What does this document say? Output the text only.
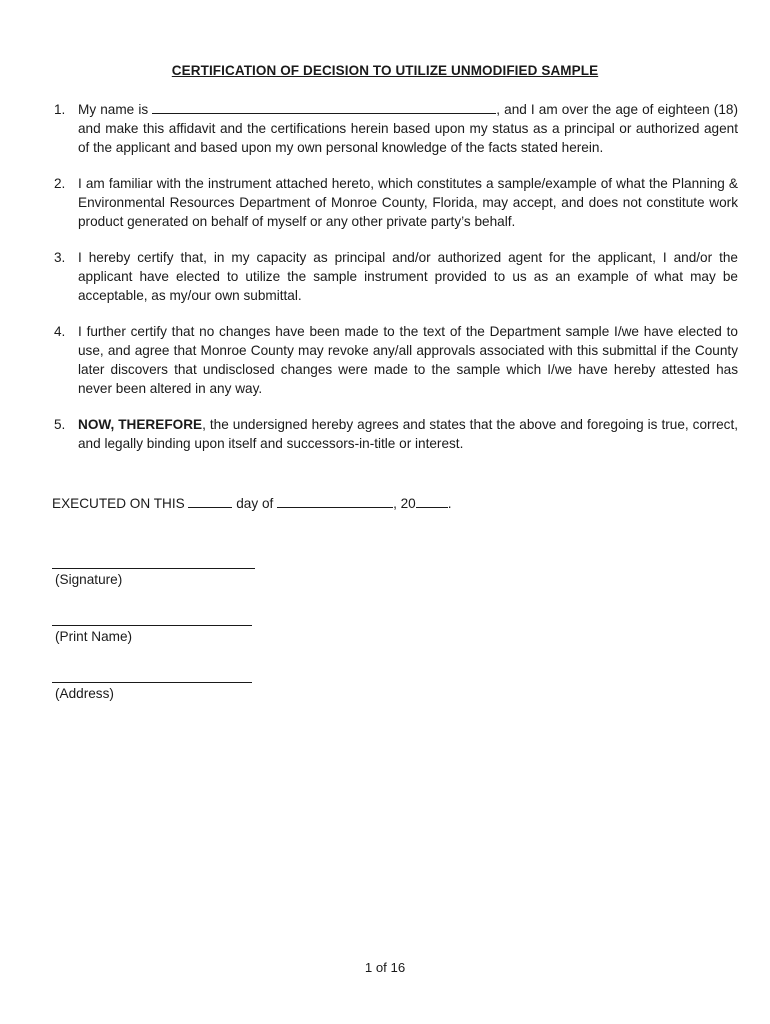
CERTIFICATION OF DECISION TO UTILIZE UNMODIFIED SAMPLE
1. My name is	, and I am over the age of eighteen (18) and make this affidavit and the certifications herein based upon my status as a principal or authorized agent of the applicant and based upon my own personal knowledge of the facts stated herein.
2. I am familiar with the instrument attached hereto, which constitutes a sample/example of what the Planning & Environmental Resources Department of Monroe County, Florida, may accept, and does not constitute work product generated on behalf of myself or any other private party’s behalf.
3. I hereby certify that, in my capacity as principal and/or authorized agent for the applicant, I and/or the applicant have elected to utilize the sample instrument provided to us as an example of what may be acceptable, as my/our own submittal.
4. I further certify that no changes have been made to the text of the Department sample I/we have elected to use, and agree that Monroe County may revoke any/all approvals associated with this submittal if the County later discovers that undisclosed changes were made to the sample which I/we have hereby attested has never been altered in any way.
5. NOW, THEREFORE, the undersigned hereby agrees and states that the above and foregoing is true, correct, and legally binding upon itself and successors-in-title or interest.
EXECUTED ON THIS	day of	, 20 .
(Signature)
(Print Name)
(Address)
1 of 16
